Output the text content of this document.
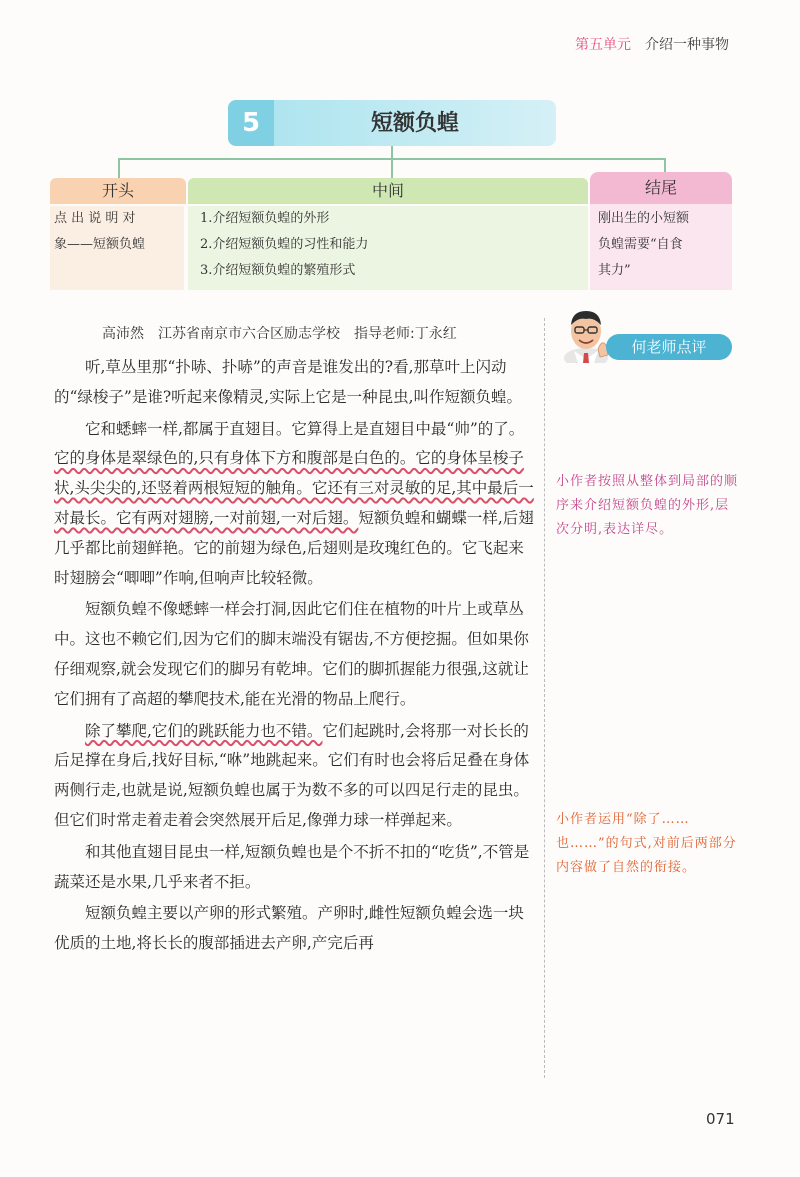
第五单元 介绍一种事物
5	短额负蝗
开头	中间	结尾
点 出 说 明 对
象——短额负蝗
1.介绍短额负蝗的外形
2.介绍短额负蝗的习性和能力
3.介绍短额负蝗的繁殖形式
刚出生的小短额
负蝗需要“自食
其力”
高沛然　江苏省南京市六合区励志学校　指导老师:丁永红

听,草丛里那“扑哧、扑哧”的声音是谁发出的?看,那草叶上闪动的“绿梭子”是谁?听起来像精灵,实际上它是一种昆虫,叫作短额负蝗。

它和蟋蟀一样,都属于直翅目。它算得上是直翅目中最“帅”的了。它的身体是翠绿色的,只有身体下方和腹部是白色的。它的身体呈梭子状,头尖尖的,还竖着两根短短的触角。它还有三对灵敏的足,其中最后一对最长。它有两对翅膀,一对前翅,一对后翅。短额负蝗和蝴蝶一样,后翅几乎都比前翅鲜艳。它的前翅为绿色,后翅则是玫瑰红色的。它飞起来时翅膀会“唧唧”作响,但响声比较轻微。

短额负蝗不像蟋蟀一样会打洞,因此它们住在植物的叶片上或草丛中。这也不赖它们,因为它们的脚末端没有锯齿,不方便挖掘。但如果你仔细观察,就会发现它们的脚另有乾坤。它们的脚抓握能力很强,这就让它们拥有了高超的攀爬技术,能在光滑的物品上爬行。

除了攀爬,它们的跳跃能力也不错。它们起跳时,会将那一对长长的后足撑在身后,找好目标,“咻”地跳起来。它们有时也会将后足叠在身体两侧行走,也就是说,短额负蝗也属于为数不多的可以四足行走的昆虫。但它们时常走着走着会突然展开后足,像弹力球一样弹起来。

和其他直翅目昆虫一样,短额负蝗也是个不折不扣的“吃货”,不管是蔬菜还是水果,几乎来者不拒。

短额负蝗主要以产卵的形式繁殖。产卵时,雌性短额负蝗会选一块优质的土地,将长长的腹部插进去产卵,产完后再

何老师点评
小作者按照从整体到局部的顺序来介绍短额负蝗的外形,层次分明,表达详尽。
小作者运用“除了……也……”的句式,对前后两部分内容做了自然的衔接。
071
